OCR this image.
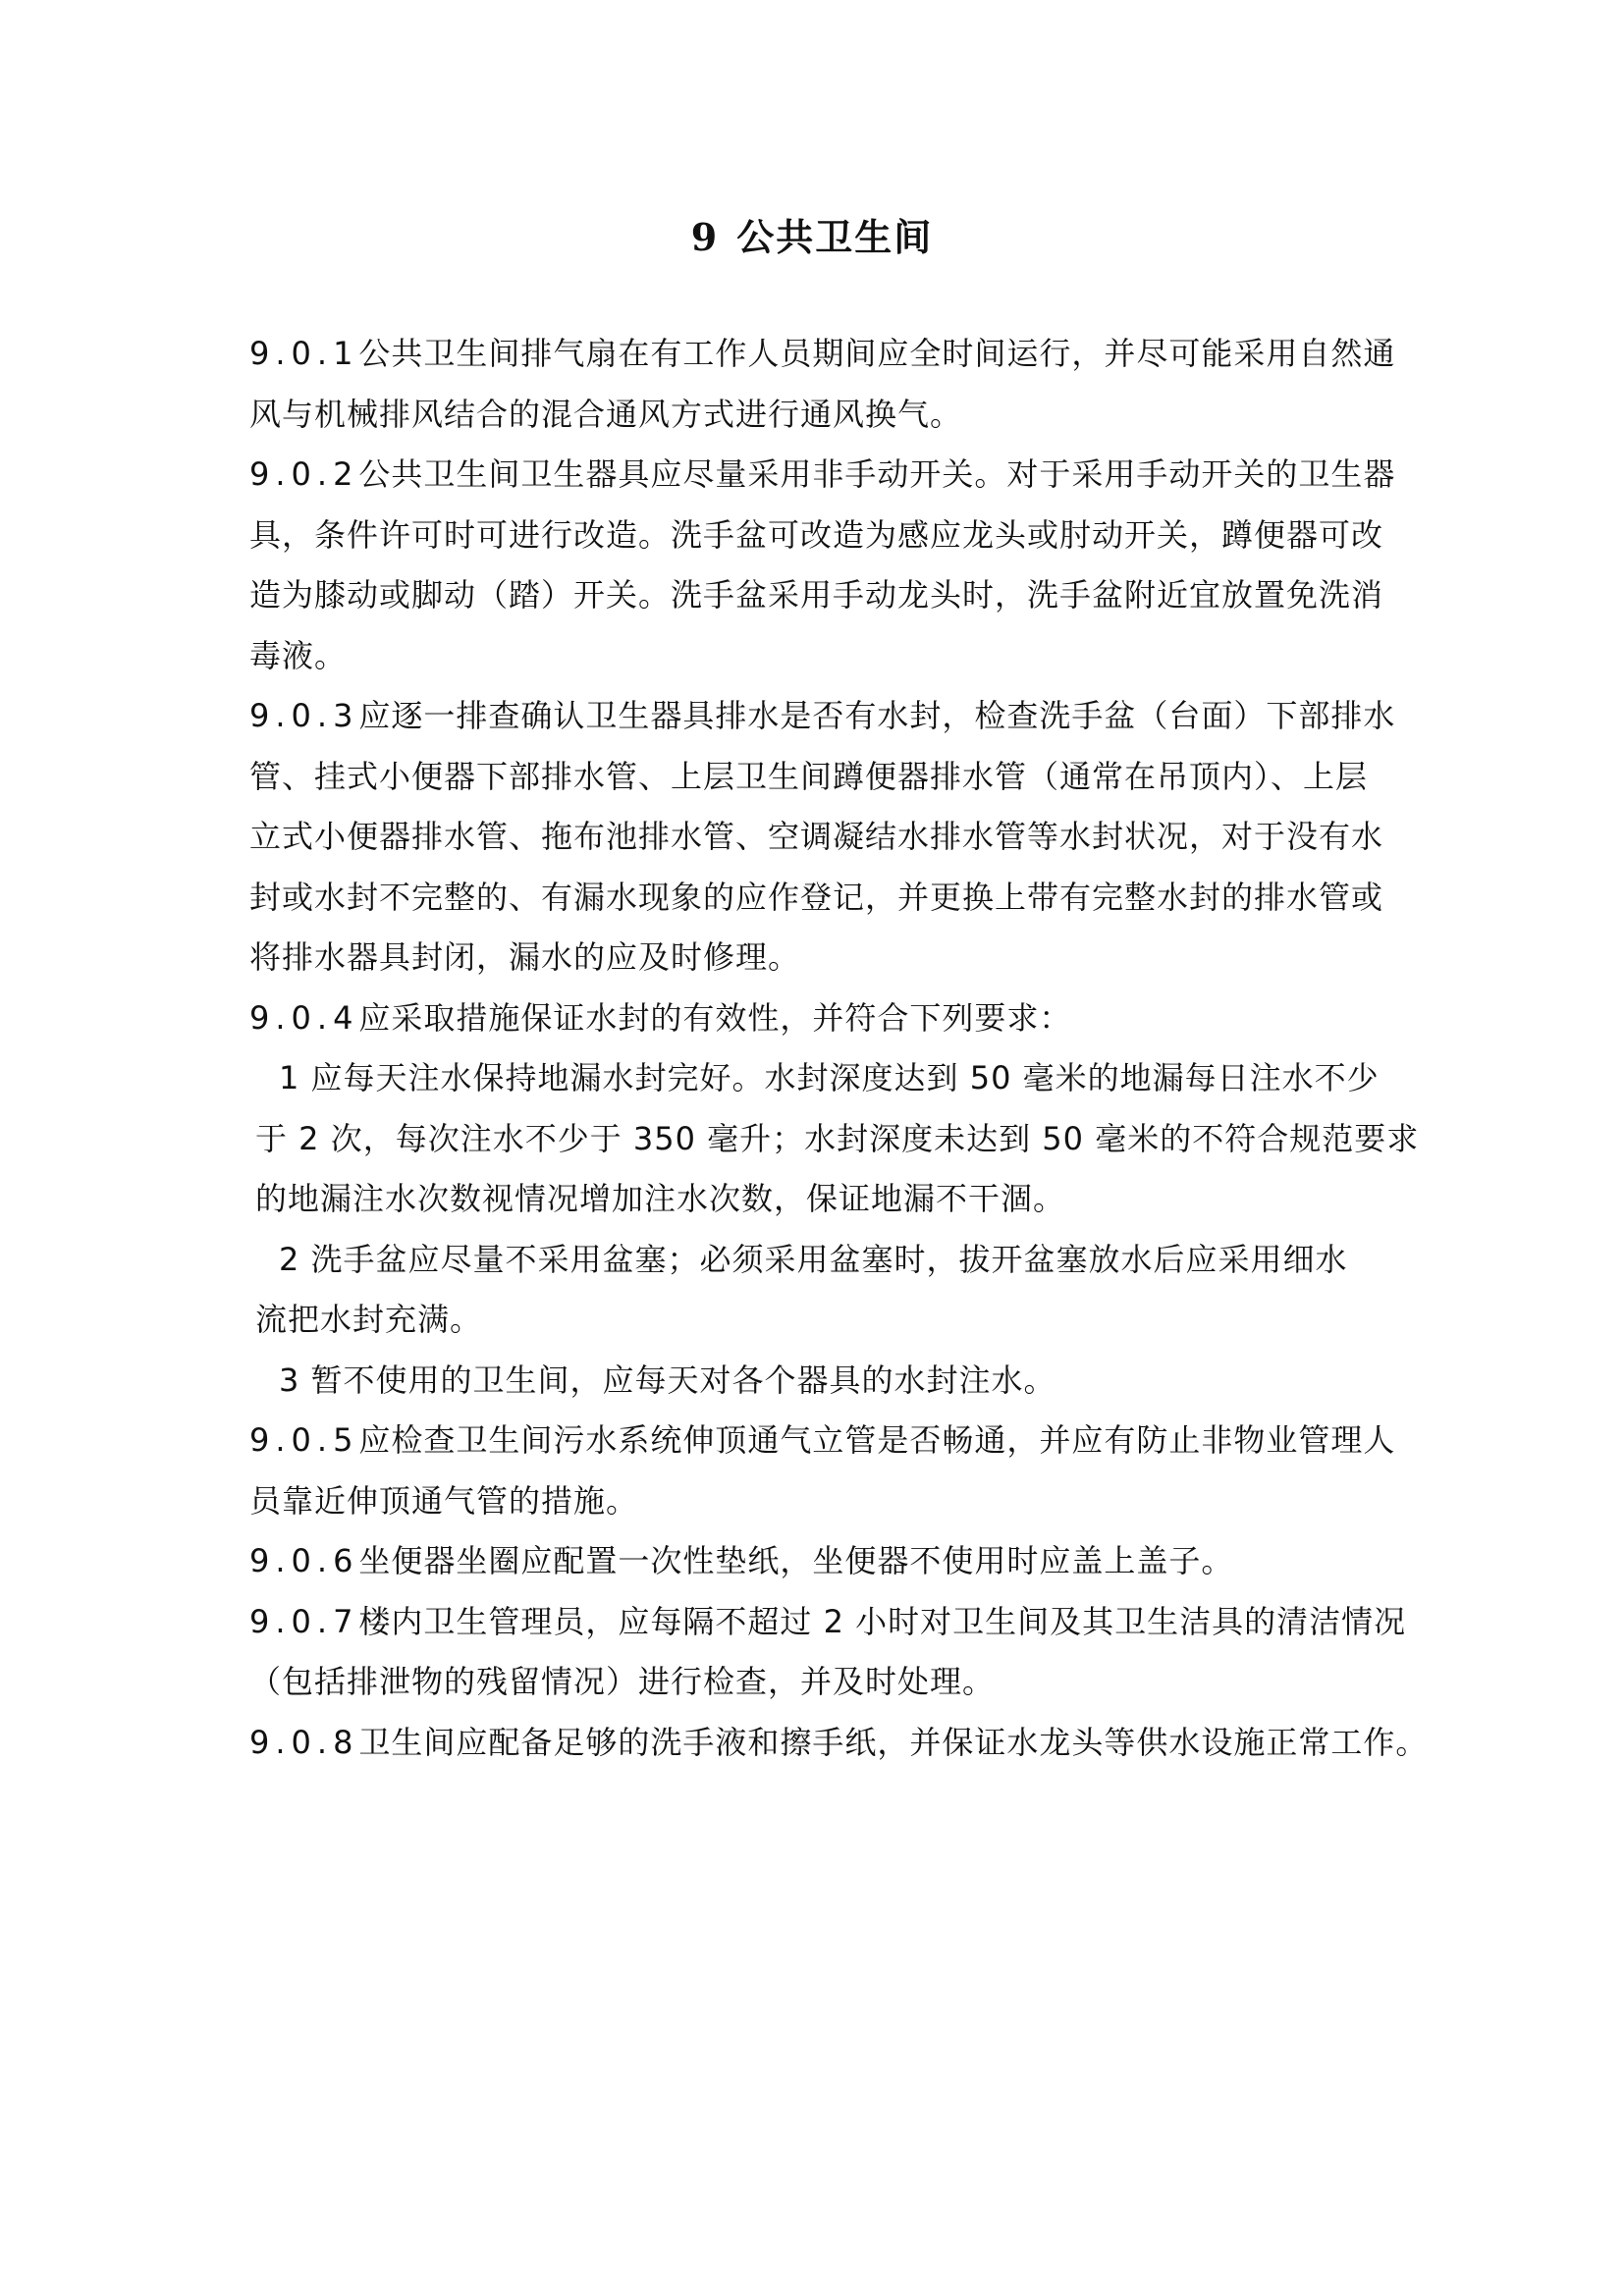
9 公共卫生间
9.0.1公共卫生间排气扇在有工作人员期间应全时间运行，并尽可能采用自然通
风与机械排风结合的混合通风方式进行通风换气。
9.0.2公共卫生间卫生器具应尽量采用非手动开关。对于采用手动开关的卫生器
具，条件许可时可进行改造。洗手盆可改造为感应龙头或肘动开关，蹲便器可改
造为膝动或脚动（踏）开关。洗手盆采用手动龙头时，洗手盆附近宜放置免洗消
毒液。
9.0.3应逐一排查确认卫生器具排水是否有水封，检查洗手盆（台面）下部排水
管、挂式小便器下部排水管、上层卫生间蹲便器排水管（通常在吊顶内）、上层
立式小便器排水管、拖布池排水管、空调凝结水排水管等水封状况，对于没有水
封或水封不完整的、有漏水现象的应作登记，并更换上带有完整水封的排水管或
将排水器具封闭，漏水的应及时修理。
9.0.4应采取措施保证水封的有效性，并符合下列要求：
1 应每天注水保持地漏水封完好。水封深度达到 50 毫米的地漏每日注水不少
于 2 次，每次注水不少于 350 毫升；水封深度未达到 50 毫米的不符合规范要求
的地漏注水次数视情况增加注水次数，保证地漏不干涸。
2 洗手盆应尽量不采用盆塞；必须采用盆塞时，拔开盆塞放水后应采用细水
流把水封充满。
3 暂不使用的卫生间，应每天对各个器具的水封注水。
9.0.5应检查卫生间污水系统伸顶通气立管是否畅通，并应有防止非物业管理人
员靠近伸顶通气管的措施。
9.0.6坐便器坐圈应配置一次性垫纸，坐便器不使用时应盖上盖子。
9.0.7楼内卫生管理员，应每隔不超过 2 小时对卫生间及其卫生洁具的清洁情况
（包括排泄物的残留情况）进行检查，并及时处理。
9.0.8卫生间应配备足够的洗手液和擦手纸，并保证水龙头等供水设施正常工作。
